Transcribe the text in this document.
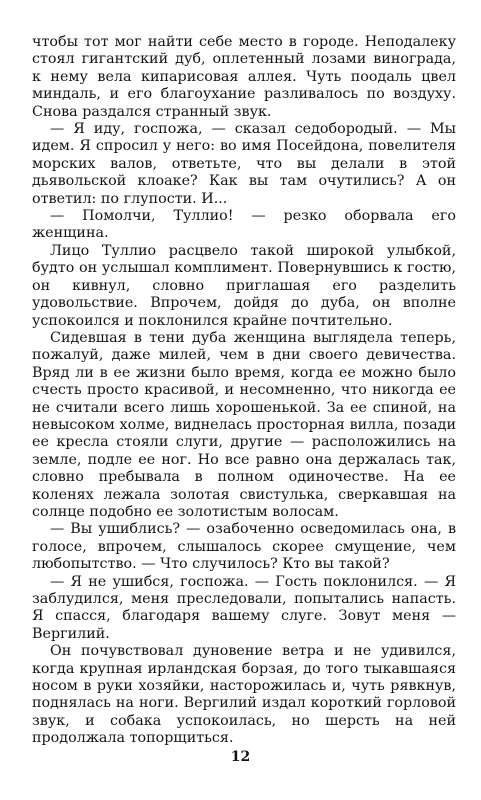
чтобы тот мог найти себе место в городе. Неподалеку стоял гигантский дуб, оплетенный лозами винограда, к нему вела кипарисовая аллея. Чуть поодаль цвел миндаль, и его благоухание разливалось по воздуху. Снова раздался странный звук.

— Я иду, госпожа, — сказал седобородый. — Мы идем. Я спросил у него: во имя Посейдона, повелителя морских валов, ответьте, что вы делали в этой дьявольской клоаке? Как вы там очутились? А он ответил: по глупости. И...

— Помолчи, Туллио! — резко оборвала его женщина.

Лицо Туллио расцвело такой широкой улыбкой, будто он услышал комплимент. Повернувшись к гостю, он кивнул, словно приглашая его разделить удовольствие. Впрочем, дойдя до дуба, он вполне успокоился и поклонился крайне почтительно.

Сидевшая в тени дуба женщина выглядела теперь, пожалуй, даже милей, чем в дни своего девичества. Вряд ли в ее жизни было время, когда ее можно было счесть просто красивой, и несомненно, что никогда ее не считали всего лишь хорошенькой. За ее спиной, на невысоком холме, виднелась просторная вилла, позади ее кресла стояли слуги, другие — расположились на земле, подле ее ног. Но все равно она держалась так, словно пребывала в полном одиночестве. На ее коленях лежала золотая свистулька, сверкавшая на солнце подобно ее золотистым волосам.

— Вы ушиблись? — озабоченно осведомилась она, в голосе, впрочем, слышалось скорее смущение, чем любопытство. — Что случилось? Кто вы такой?

— Я не ушибся, госпожа. — Гость поклонился. — Я заблудился, меня преследовали, попытались напасть. Я спасся, благодаря вашему слуге. Зовут меня — Вергилий.

Он почувствовал дуновение ветра и не удивился, когда крупная ирландская борзая, до того тыкавшаяся носом в руки хозяйки, насторожилась и, чуть рявкнув, поднялась на ноги. Вергилий издал короткий горловой звук, и собака успокоилась, но шерсть на ней продолжала топорщиться.

12
